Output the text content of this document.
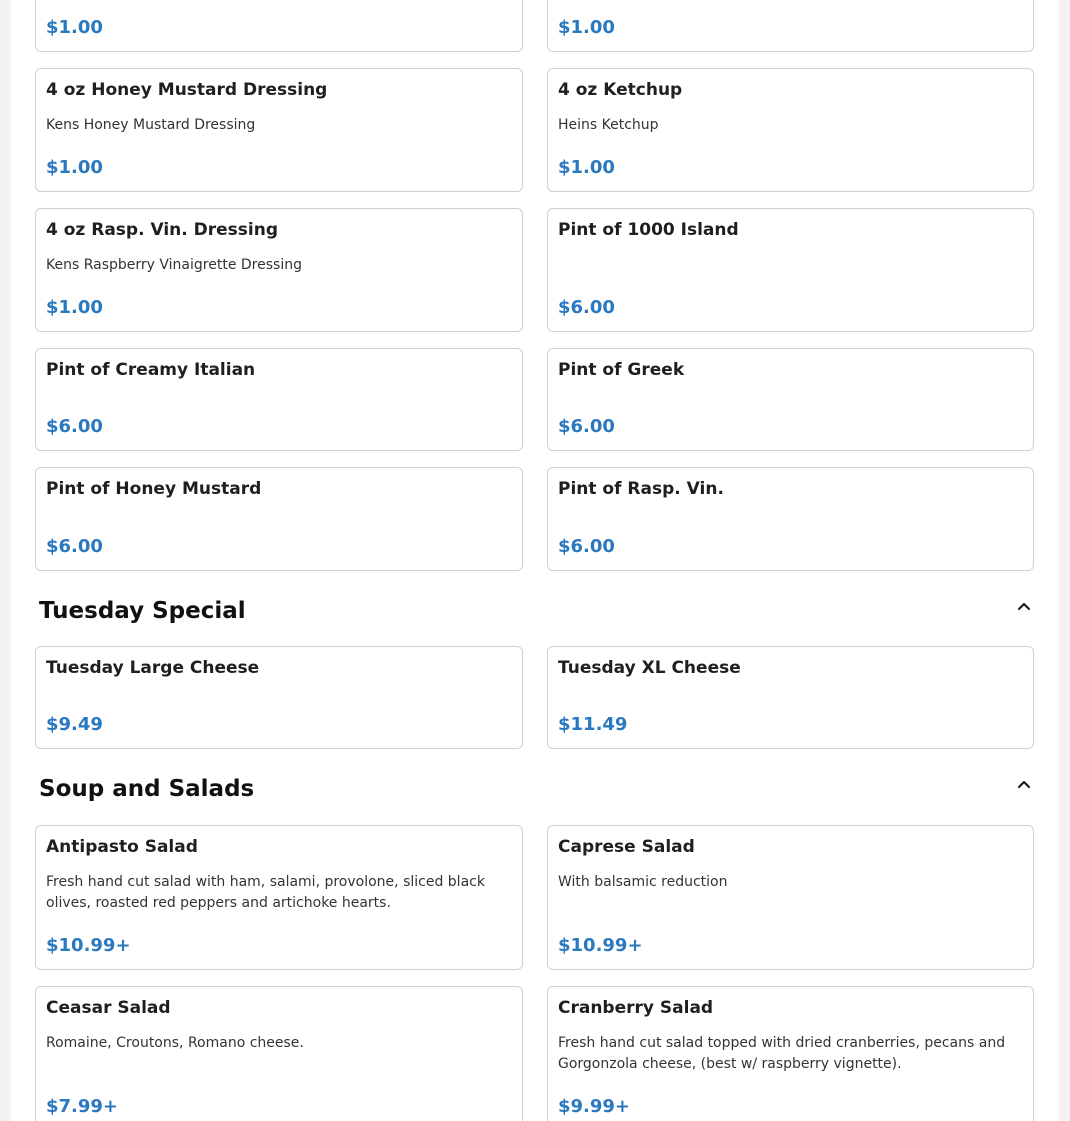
$1.00	$1.00
4 oz Honey Mustard Dressing
Kens Honey Mustard Dressing
$1.00
4 oz Ketchup
Heins Ketchup
$1.00
4 oz Rasp. Vin. Dressing
Kens Raspberry Vinaigrette Dressing
$1.00
Pint of 1000 Island
$6.00
Pint of Creamy Italian
$6.00
Pint of Greek
$6.00
Pint of Honey Mustard
$6.00
Pint of Rasp. Vin.
$6.00
Tuesday Special
Tuesday Large Cheese
$9.49
Tuesday XL Cheese
$11.49
Soup and Salads
Antipasto Salad
Fresh hand cut salad with ham, salami, provolone, sliced black olives, roasted red peppers and artichoke hearts.
$10.99+
Caprese Salad
With balsamic reduction
$10.99+
Ceasar Salad
Romaine, Croutons, Romano cheese.
$7.99+
Cranberry Salad
Fresh hand cut salad topped with dried cranberries, pecans and Gorgonzola cheese, (best w/ raspberry vignette).
$9.99+
